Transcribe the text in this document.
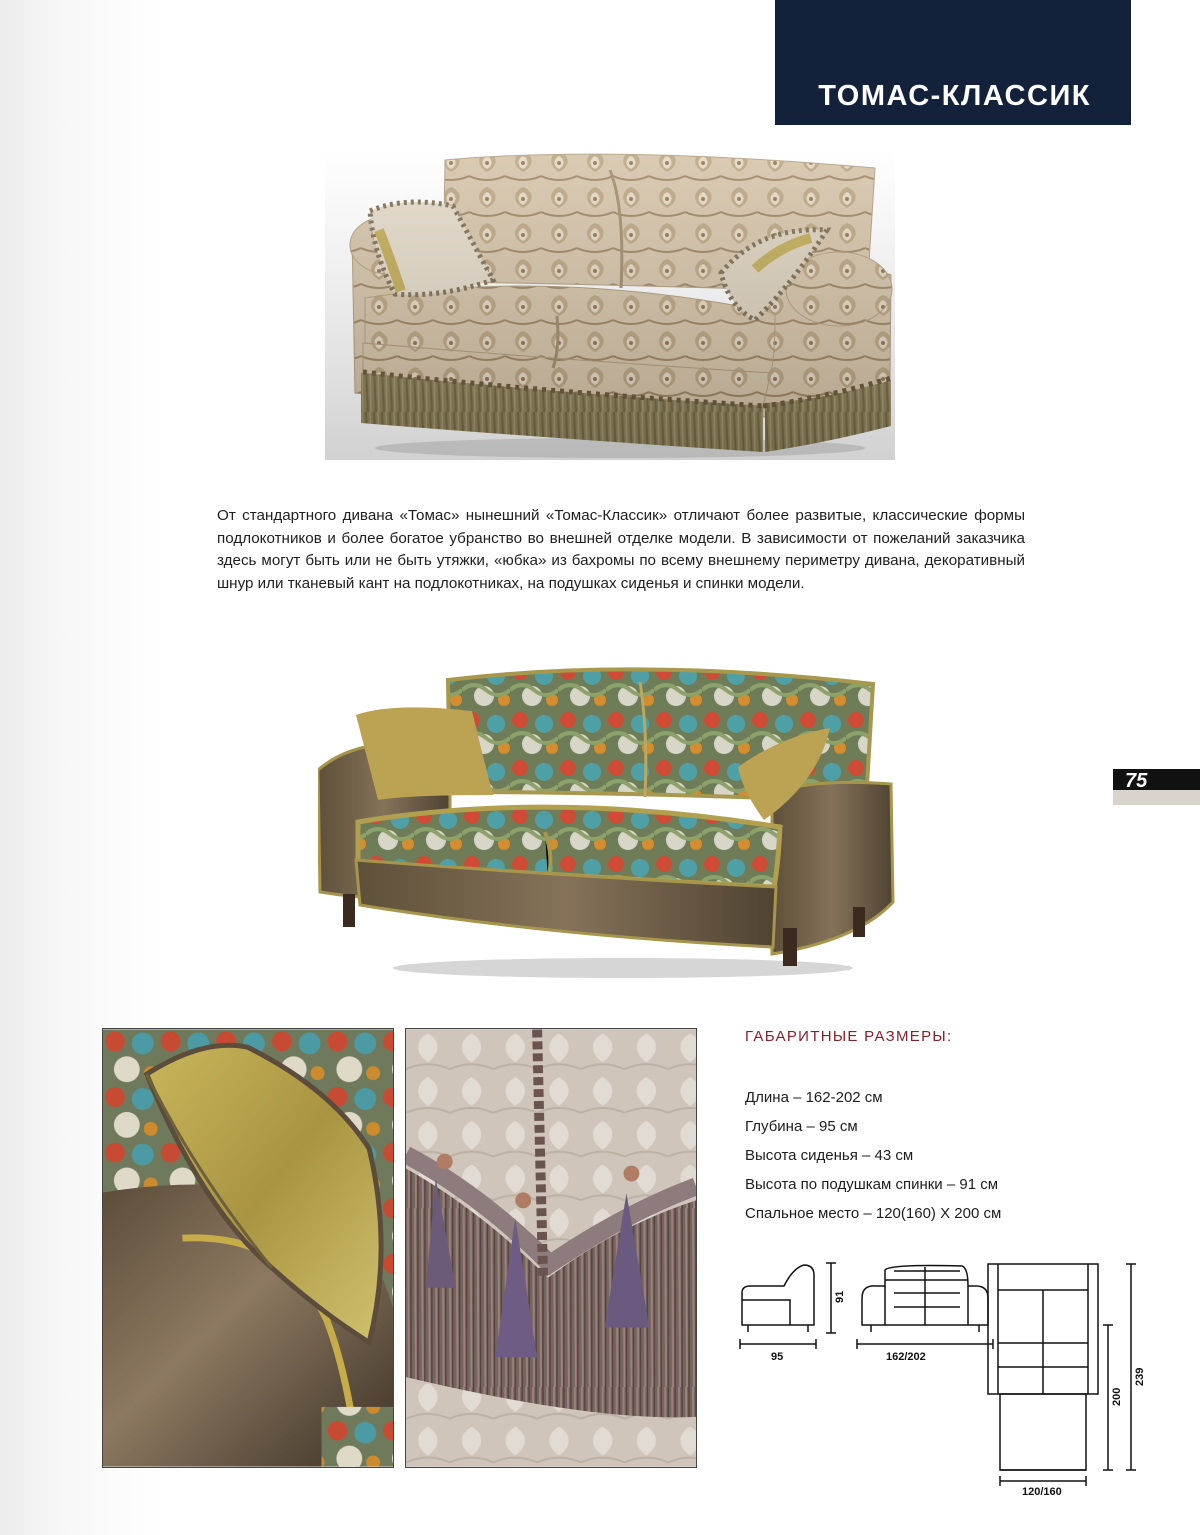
ТОМАС-КЛАССИК
75

От стандартного дивана «Томас» нынешний «Томас-Классик» отличают более развитые, классические формы подлокотников и более богатое убранство во внешней отделке модели. В зависимости от пожеланий заказчика здесь могут быть или не быть утяжки, «юбка» из бахромы по всему внешнему периметру дивана, декоративный шнур или тканевый кант на подлокотниках, на подушках сиденья и спинки модели.

ГАБАРИТНЫЕ РАЗМЕРЫ:
Длина – 162-202 см
Глубина – 95 см
Высота сиденья – 43 см
Высота по подушкам спинки – 91 см
Спальное место – 120(160) Х 200 см
95
91
162/202
120/160
200
239
